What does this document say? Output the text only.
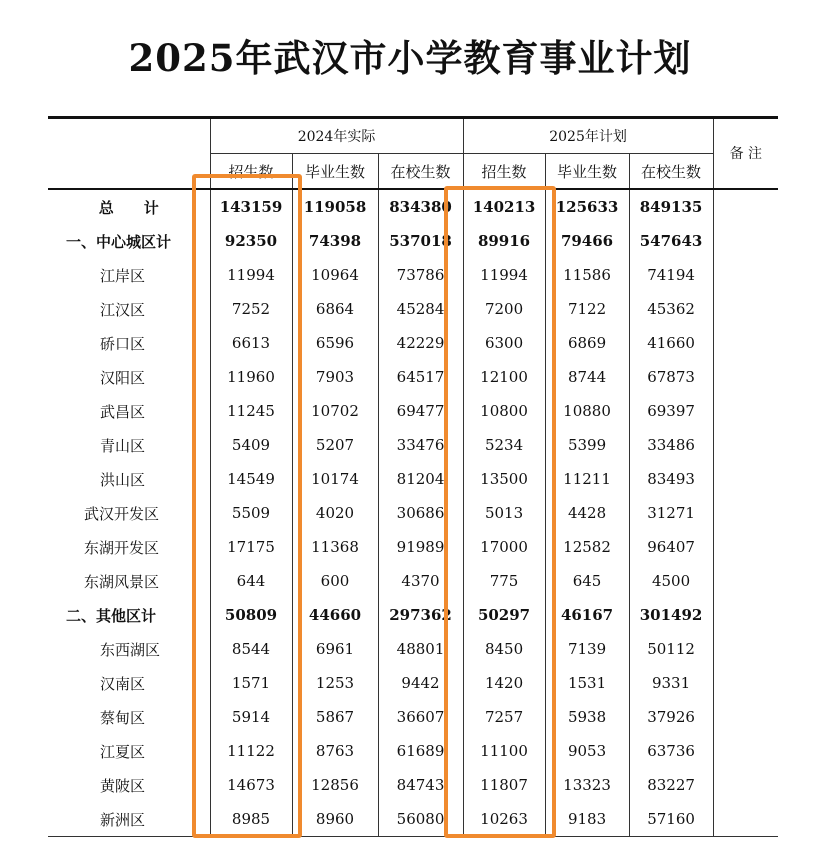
2025年武汉市小学教育事业计划
	2024年实际			2025年计划			备 注
	招生数	毕业生数	在校生数	招生数	毕业生数	在校生数	
总　　计	143159	119058	834380	140213	125633	849135	
一、中心城区计	92350	74398	537018	89916	79466	547643	
江岸区	11994	10964	73786	11994	11586	74194	
江汉区	7252	6864	45284	7200	7122	45362	
硚口区	6613	6596	42229	6300	6869	41660	
汉阳区	11960	7903	64517	12100	8744	67873	
武昌区	11245	10702	69477	10800	10880	69397	
青山区	5409	5207	33476	5234	5399	33486	
洪山区	14549	10174	81204	13500	11211	83493	
武汉开发区	5509	4020	30686	5013	4428	31271	
东湖开发区	17175	11368	91989	17000	12582	96407	
东湖风景区	644	600	4370	775	645	4500	
二、其他区计	50809	44660	297362	50297	46167	301492	
东西湖区	8544	6961	48801	8450	7139	50112	
汉南区	1571	1253	9442	1420	1531	9331	
蔡甸区	5914	5867	36607	7257	5938	37926	
江夏区	11122	8763	61689	11100	9053	63736	
黄陂区	14673	12856	84743	11807	13323	83227	
新洲区	8985	8960	56080	10263	9183	57160	
